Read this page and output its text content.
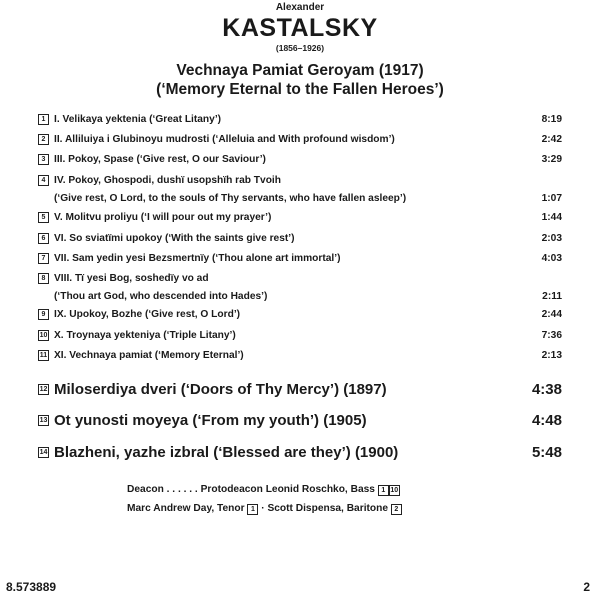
Alexander
KASTALSKY
(1856–1926)
Vechnaya Pamiat Geroyam (1917)
(‘Memory Eternal to the Fallen Heroes’)
1 I. Velikaya yektenia (‘Great Litany’)	8:19
2 II. Alliluiya i Glubinoyu mudrosti (‘Alleluia and With profound wisdom’)	2:42
3 III. Pokoy, Spase (‘Give rest, O our Saviour’)	3:29
4 IV. Pokoy, Ghospodi, dushï usopshïh rab Tvoih
(‘Give rest, O Lord, to the souls of Thy servants, who have fallen asleep’)	1:07
5 V. Molitvu proliyu (‘I will pour out my prayer’)	1:44
6 VI. So sviatïmi upokoy (‘With the saints give rest’)	2:03
7 VII. Sam yedin yesi Bezsmertnïy (‘Thou alone art immortal’)	4:03
8 VIII. Tï yesi Bog, soshedïy vo ad
(‘Thou art God, who descended into Hades’)	2:11
9 IX. Upokoy, Bozhe (‘Give rest, O Lord’)	2:44
10 X. Troynaya yekteniya (‘Triple Litany’)	7:36
11 XI. Vechnaya pamiat (‘Memory Eternal’)	2:13
12 Miloserdiya dveri (‘Doors of Thy Mercy’) (1897)	4:38
13 Ot yunosti moyeya (‘From my youth’) (1905)	4:48
14 Blazheni, yazhe izbral (‘Blessed are they’) (1900)	5:48
Deacon . . . . . . Protodeacon Leonid Roschko, Bass 1 10
Marc Andrew Day, Tenor 1 · Scott Dispensa, Baritone 2
8.573889	2
